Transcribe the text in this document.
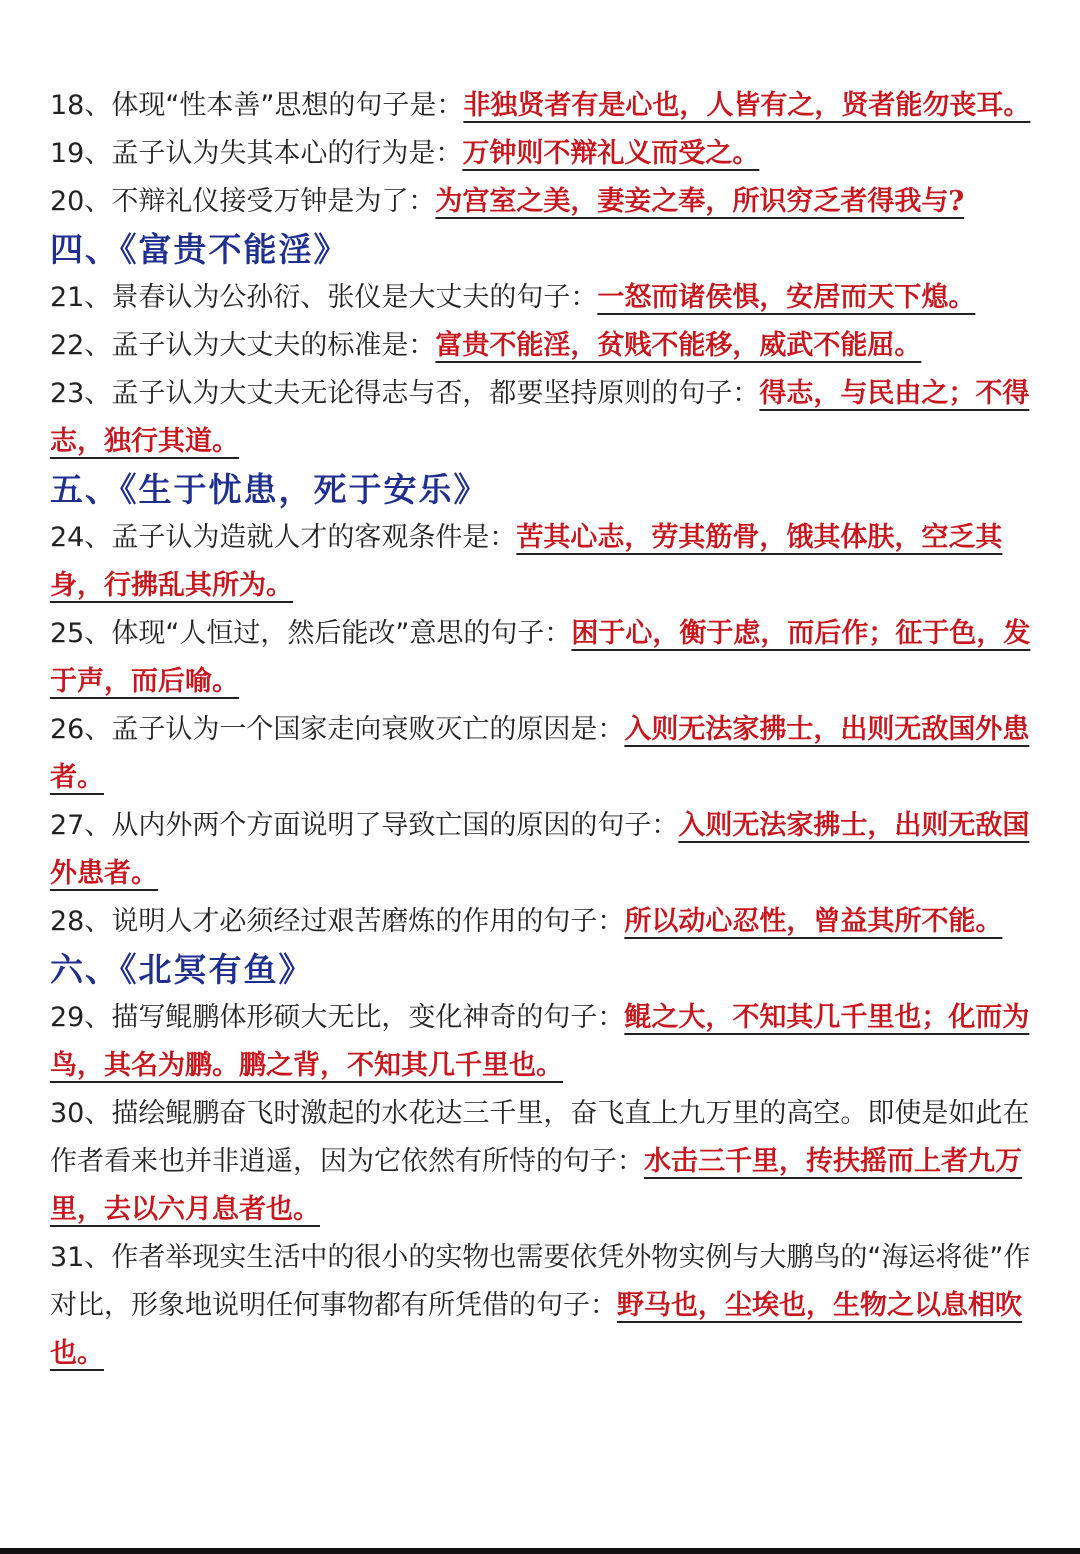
18、体现“性本善”思想的句子是：非独贤者有是心也，人皆有之，贤者能勿丧耳。

19、孟子认为失其本心的行为是：万钟则不辩礼义而受之。

20、不辩礼仪接受万钟是为了：为宫室之美，妻妾之奉，所识穷乏者得我与?

四、《富贵不能淫》

21、景春认为公孙衍、张仪是大丈夫的句子：一怒而诸侯惧，安居而天下熄。

22、孟子认为大丈夫的标准是：富贵不能淫，贫贱不能移，威武不能屈。

23、孟子认为大丈夫无论得志与否，都要坚持原则的句子：得志，与民由之；不得志，独行其道。

五、《生于忧患，死于安乐》

24、孟子认为造就人才的客观条件是：苦其心志，劳其筋骨，饿其体肤，空乏其身，行拂乱其所为。

25、体现“人恒过，然后能改”意思的句子：困于心，衡于虑，而后作；征于色，发于声，而后喻。

26、孟子认为一个国家走向衰败灭亡的原因是：入则无法家拂士，出则无敌国外患者。

27、从内外两个方面说明了导致亡国的原因的句子：入则无法家拂士，出则无敌国外患者。

28、说明人才必须经过艰苦磨炼的作用的句子：所以动心忍性，曾益其所不能。

六、《北冥有鱼》

29、描写鲲鹏体形硕大无比，变化神奇的句子：鲲之大，不知其几千里也；化而为鸟，其名为鹏。鹏之背，不知其几千里也。

30、描绘鲲鹏奋飞时激起的水花达三千里，奋飞直上九万里的高空。即使是如此在作者看来也并非逍遥，因为它依然有所恃的句子：水击三千里，抟扶摇而上者九万里，去以六月息者也。

31、作者举现实生活中的很小的实物也需要依凭外物实例与大鹏鸟的“海运将徙”作对比，形象地说明任何事物都有所凭借的句子：野马也，尘埃也，生物之以息相吹也。
